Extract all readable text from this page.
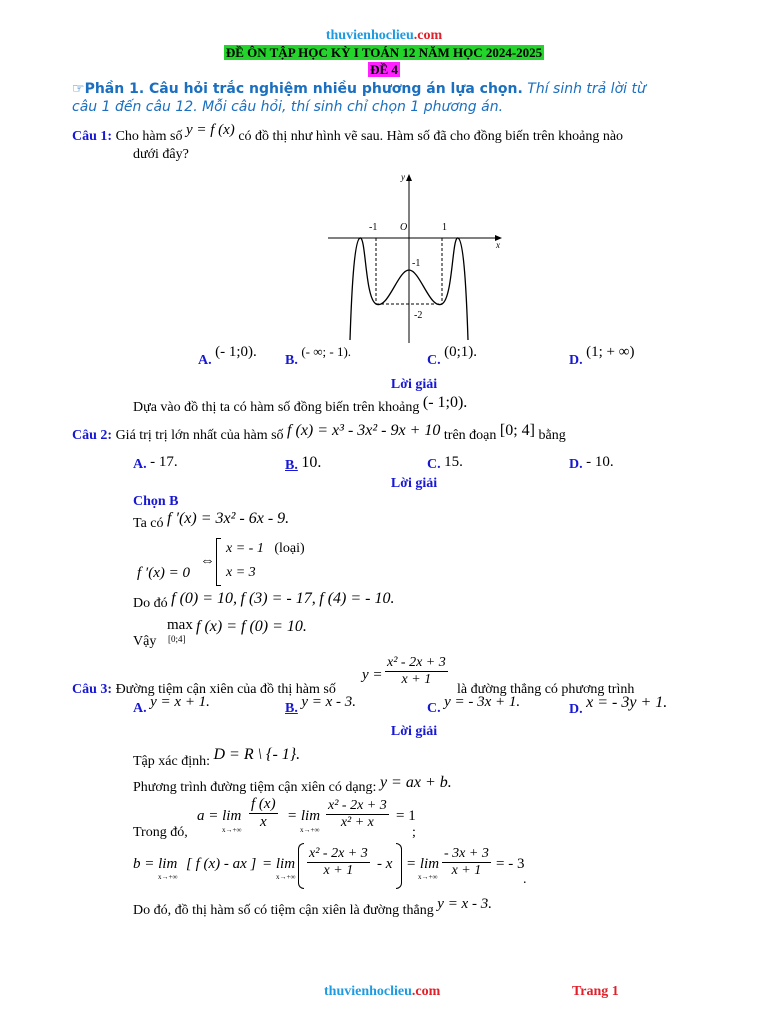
thuvienhoclieu.com
ĐỀ ÔN TẬP HỌC KỲ I TOÁN 12 NĂM HỌC 2024-2025
ĐỀ 4
☞Phần 1. Câu hỏi trắc nghiệm nhiều phương án lựa chọn. Thí sinh trả lời từ
câu 1 đến câu 12. Mỗi câu hỏi, thí sinh chỉ chọn 1 phương án.
Câu 1: Cho hàm số y = f (x) có đồ thị như hình vẽ sau. Hàm số đã cho đồng biến trên khoảng nào
dưới đây?
y
x
O
-1	1
-1
-2
A. (- 1;0).
B. (- ∞; - 1).
C. (0;1).
D. (1; + ∞)
Lời giải
Dựa vào đồ thị ta có hàm số đồng biến trên khoảng (- 1;0).
Câu 2: Giá trị trị lớn nhất của hàm số f (x) = x³ - 3x² - 9x + 10 trên đoạn [0; 4] bằng
A. - 17.	B. 10.	C. 15.	D. - 10.
Lời giải
Chọn B
Ta có f ′(x) = 3x² - 6x - 9.
f ′(x) = 0
⇔
x = - 1 (loại)
x = 3
Do đó f (0) = 10, f (3) = - 17, f (4) = - 10.
Vậy
max
[0;4]
f (x) = f (0) = 10.
Câu 3: Đường tiệm cận xiên của đồ thị hàm số
$y = \frac{\text{x² - 2x + 3}}{x + 1}$
là đường thẳng có phương trình
A. y = x + 1.	B. y = x - 3.	C. y = - 3x + 1.	D. x = - 3y + 1.
Lời giải
Tập xác định: D = R \ {- 1}.
Phương trình đường tiệm cận xiên có dạng: y = ax + b.
Trong đó,
a = lim
$x\to+\infty \frac{f (x)}{x} = \lim$
$x\to+\infty \frac{\text{x² - 2x + 3}}{\text{x² + x}} = 1$
;
b = lim
x→+∞
[ f (x) - ax ] = lim
$x\to+\infty \frac{\text{x² - 2x + 3}}{x + 1} - x = \lim$
$x\to+\infty \frac{- 3x + 3}{x + 1}$ = - 3
.
Do đó, đồ thị hàm số có tiệm cận xiên là đường thẳng y = x - 3.
thuvienhoclieu.com	Trang 1
